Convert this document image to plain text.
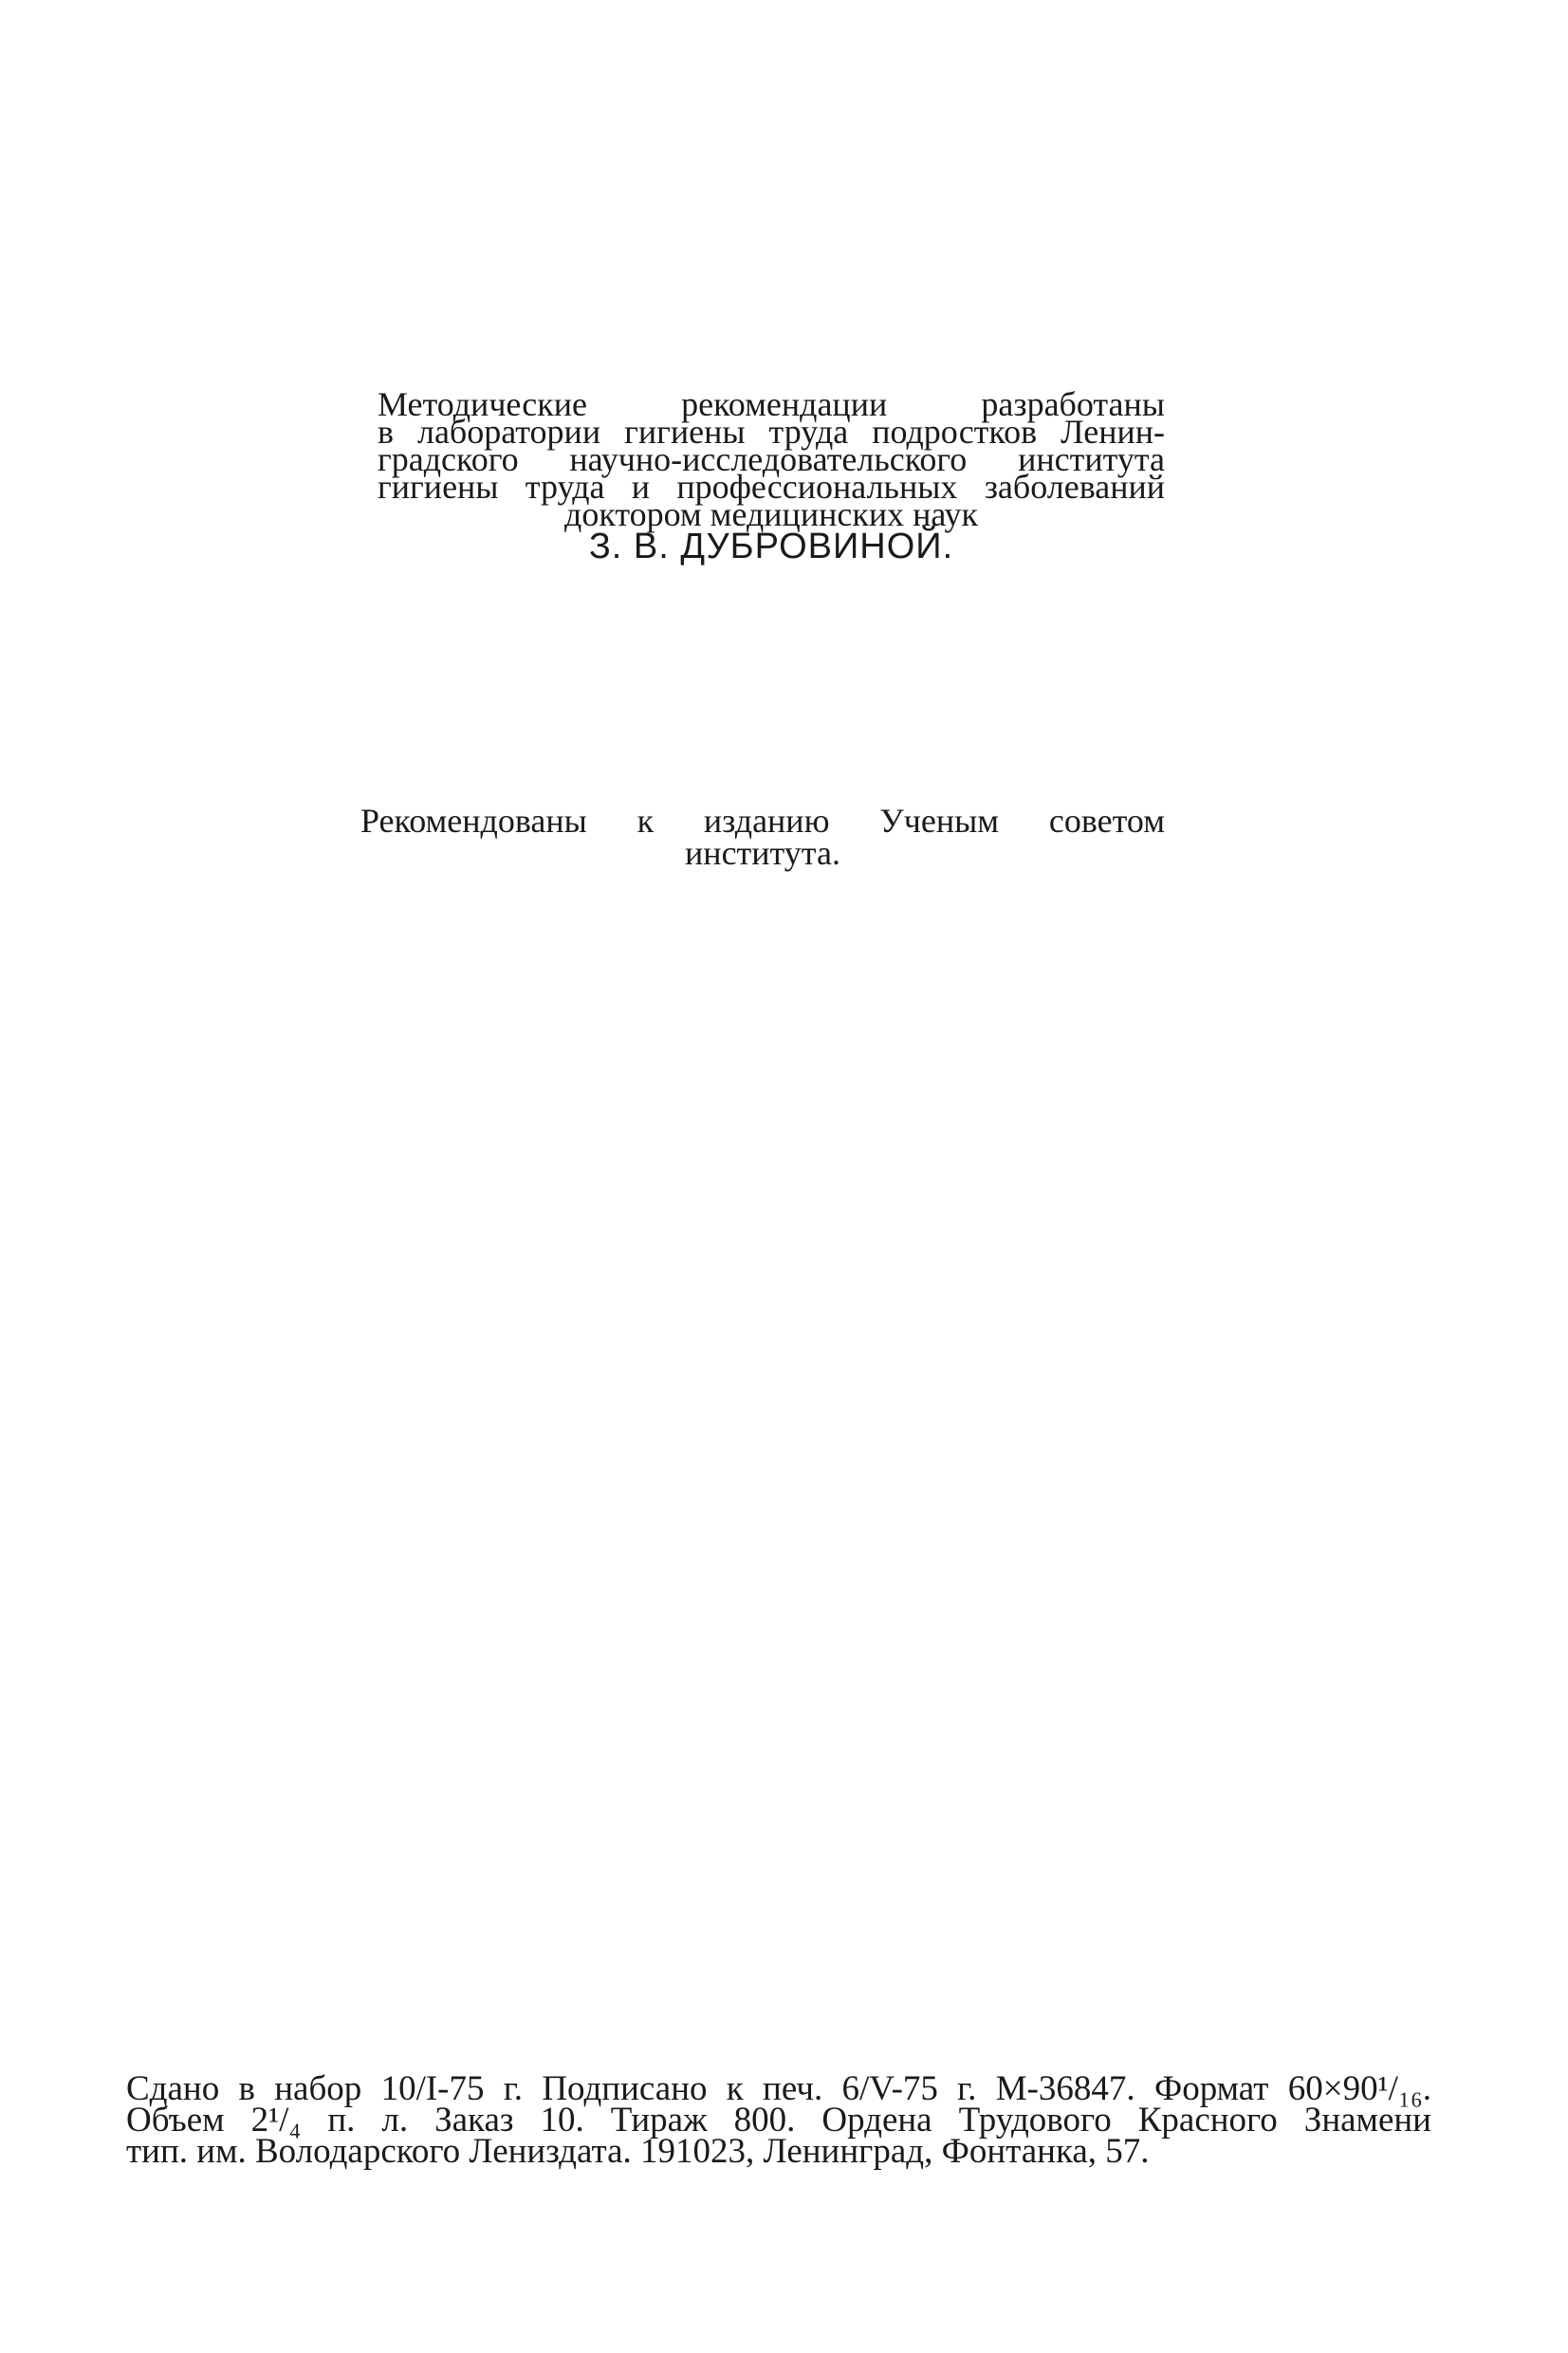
Методические рекомендации разработаны
в лаборатории гигиены труда подростков Ленин-
градского научно-исследовательского института
гигиены труда и профессиональных заболеваний
доктором медицинских наук
З. В. ДУБРОВИНОЙ.
Рекомендованы к изданию Ученым советом
института.
Сдано в набор 10/I-75 г. Подписано к печ. 6/V-75 г. М-36847. Формат 60×90¹/₁₆.
Объем 2¹/₄ п. л. Заказ 10. Тираж 800. Ордена Трудового Красного Знамени
тип. им. Володарского Лениздата. 191023, Ленинград, Фонтанка, 57.
